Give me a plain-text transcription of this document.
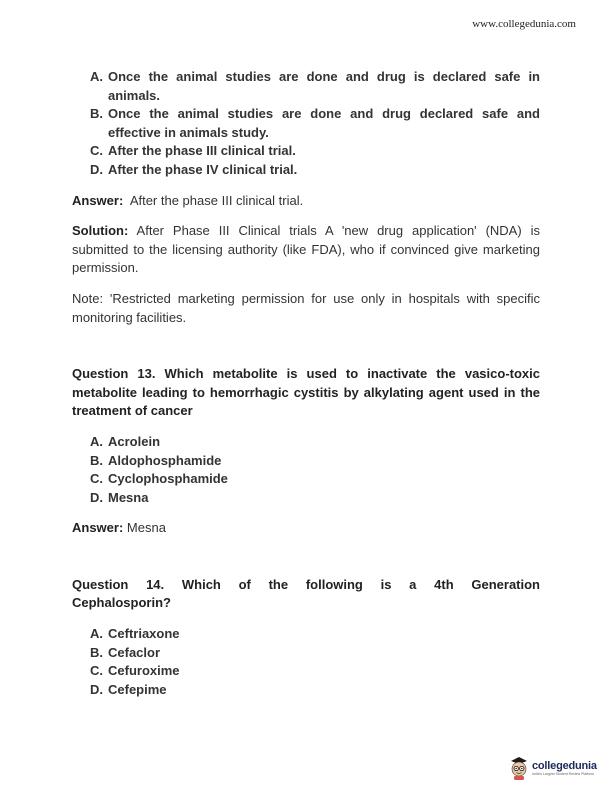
www.collegedunia.com
A. Once the animal studies are done and drug is declared safe in animals.
B. Once the animal studies are done and drug declared safe and effective in animals study.
C. After the phase III clinical trial.
D. After the phase IV clinical trial.

Answer: After the phase III clinical trial.

Solution: After Phase III Clinical trials A 'new drug application' (NDA) is submitted to the licensing authority (like FDA), who if convinced give marketing permission.

Note: 'Restricted marketing permission for use only in hospitals with specific monitoring facilities.

Question 13. Which metabolite is used to inactivate the vasico-toxic metabolite leading to hemorrhagic cystitis by alkylating agent used in the treatment of cancer

A. Acrolein
B. Aldophosphamide
C. Cyclophosphamide
D. Mesna

Answer: Mesna

Question 14. Which of the following is a 4th Generation Cephalosporin?

A. Ceftriaxone
B. Cefaclor
C. Cefuroxime
D. Cefepime
collegedunia
India's Largest Student Review Platform
